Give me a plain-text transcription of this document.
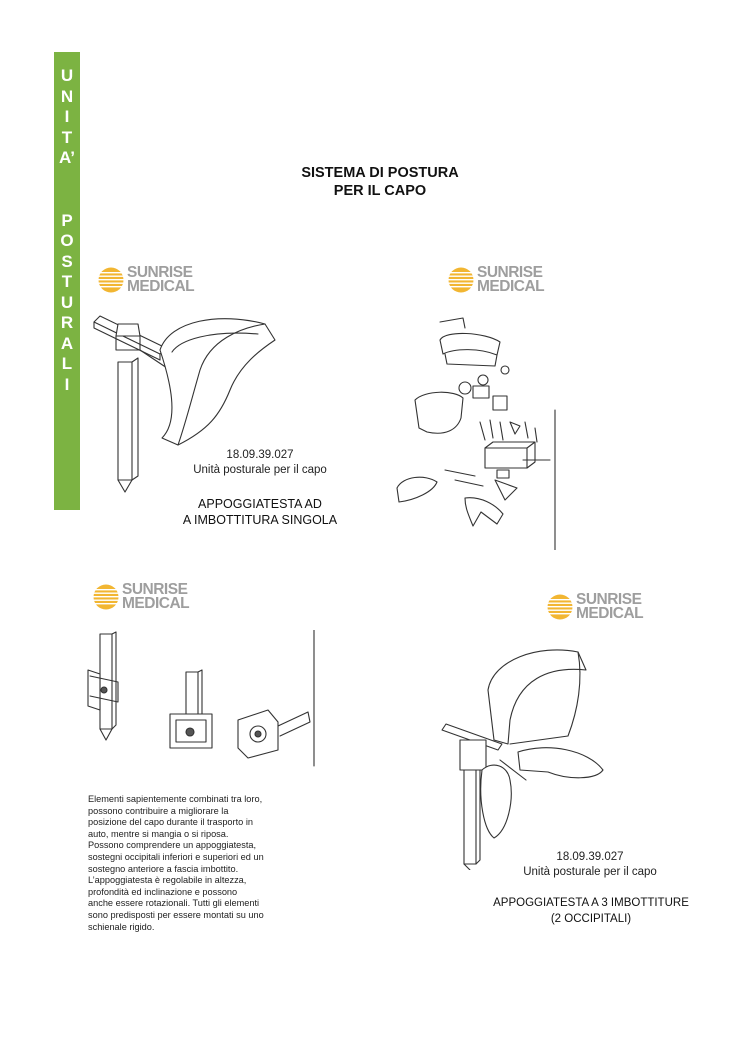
U
N
I
T
A’
P
O
S
T
U
R
A
L
I
SISTEMA DI POSTURA
PER IL CAPO
SUNRISE
MEDICAL
SUNRISE
MEDICAL
SUNRISE
MEDICAL	SUNRISE
MEDICAL
18.09.39.027
Unità posturale per il capo
APPOGGIATESTA AD
A IMBOTTITURA SINGOLA
Elementi sapientemente combinati tra loro,
possono contribuire a migliorare la
posizione del capo durante il trasporto in
auto, mentre si mangia o si riposa.
Possono comprendere un appoggiatesta,
sostegni occipitali inferiori e superiori ed un
sostegno anteriore a fascia imbottito.
L’appoggiatesta è regolabile in altezza,
profondità ed inclinazione e possono
anche essere rotazionali. Tutti gli elementi
sono predisposti per essere montati su uno
schienale rigido.
18.09.39.027
Unità posturale per il capo
APPOGGIATESTA A 3 IMBOTTITURE
(2 OCCIPITALI)
